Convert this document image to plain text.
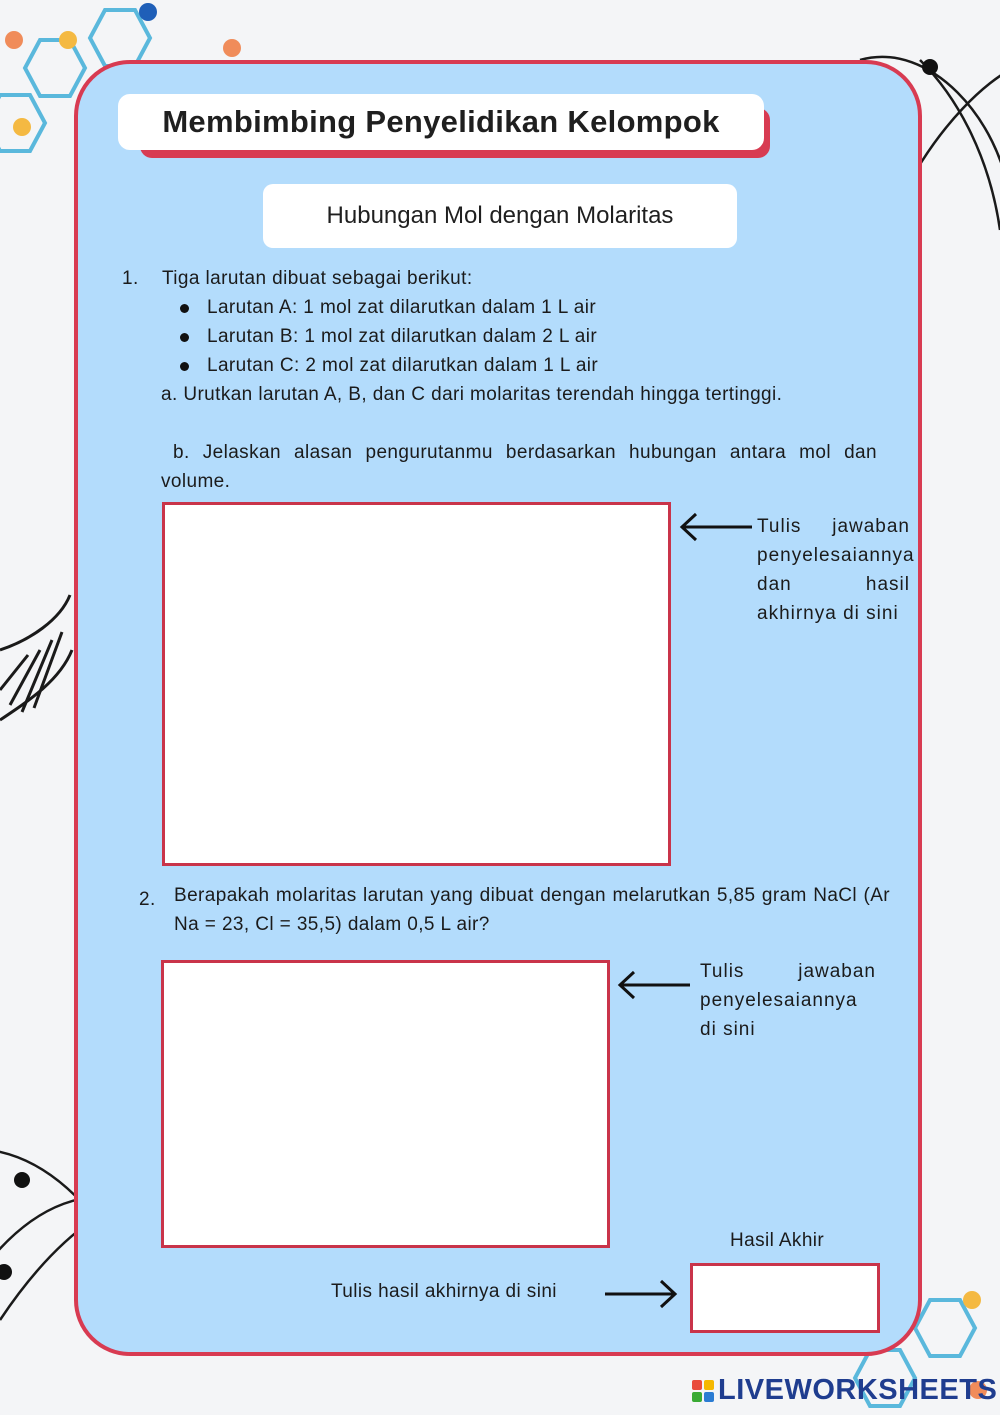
Membimbing Penyelidikan Kelompok
Hubungan Mol dengan Molaritas
1. Tiga larutan dibuat sebagai berikut:
Larutan A: 1 mol zat dilarutkan dalam 1 L air
Larutan B: 1 mol zat dilarutkan dalam 2 L air
Larutan C: 2 mol zat dilarutkan dalam 1 L air
a. Urutkan larutan A, B, dan C dari molaritas terendah hingga tertinggi.
b. Jelaskan alasan pengurutanmu berdasarkan hubungan antara mol dan volume.
Tulis jawaban penyelesaiannya dan hasil akhirnya di sini
2. Berapakah molaritas larutan yang dibuat dengan melarutkan 5,85 gram NaCl (Ar Na = 23, Cl = 35,5) dalam 0,5 L air?
Tulis jawaban penyelesaiannya di sini
Hasil Akhir
Tulis hasil akhirnya di sini
LIVEWORKSHEETS
